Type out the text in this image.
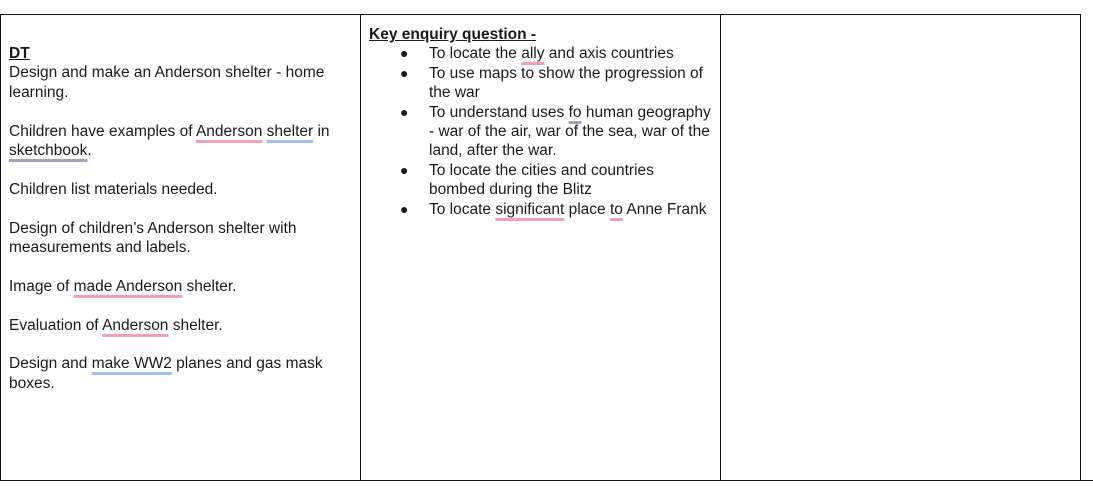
DT
Design and make an Anderson shelter - home learning.
Children have examples of Anderson shelter in sketchbook.
Children list materials needed.
Design of children’s Anderson shelter with measurements and labels.
Image of made Anderson shelter.
Evaluation of Anderson shelter.
Design and make WW2 planes and gas mask boxes.
Key enquiry question -
● To locate the ally and axis countries
● To use maps to show the progression of the war
● To understand uses fo human geography - war of the air, war of the sea, war of the land, after the war.
● To locate the cities and countries bombed during the Blitz
● To locate significant place to Anne Frank
